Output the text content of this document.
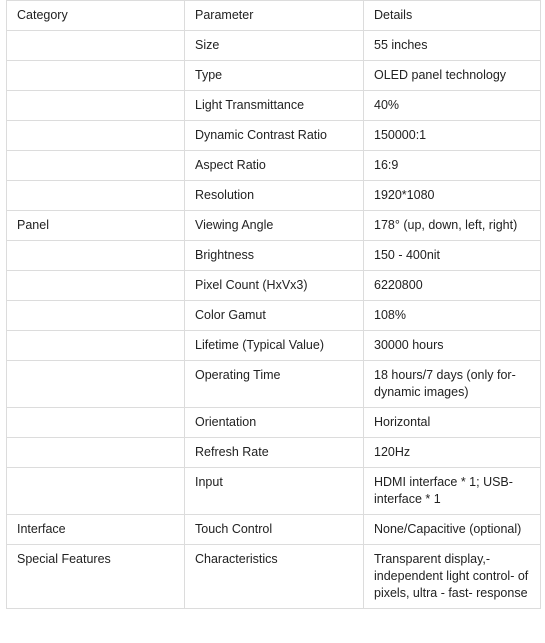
Category	Parameter	Details
	Size	55 inches
	Type	OLED panel technology
	Light Transmittance	40%
	Dynamic Contrast Ratio	150000:1
	Aspect Ratio	16:9
	Resolution	1920*1080
Panel	Viewing Angle	178° (up, down, left, right)
	Brightness	150 - 400nit
	Pixel Count (HxVx3)	6220800
	Color Gamut	108%
	Lifetime (Typical Value)	30000 hours
	Operating Time	18 hours/7 days (only for- dynamic images)
	Orientation	Horizontal
	Refresh Rate	120Hz
	Input	HDMI interface * 1; USB- interface * 1
Interface	Touch Control	None/Capacitive (optional)
Special Features	Characteristics	Transparent display,- independent light control- of pixels, ultra - fast- response
